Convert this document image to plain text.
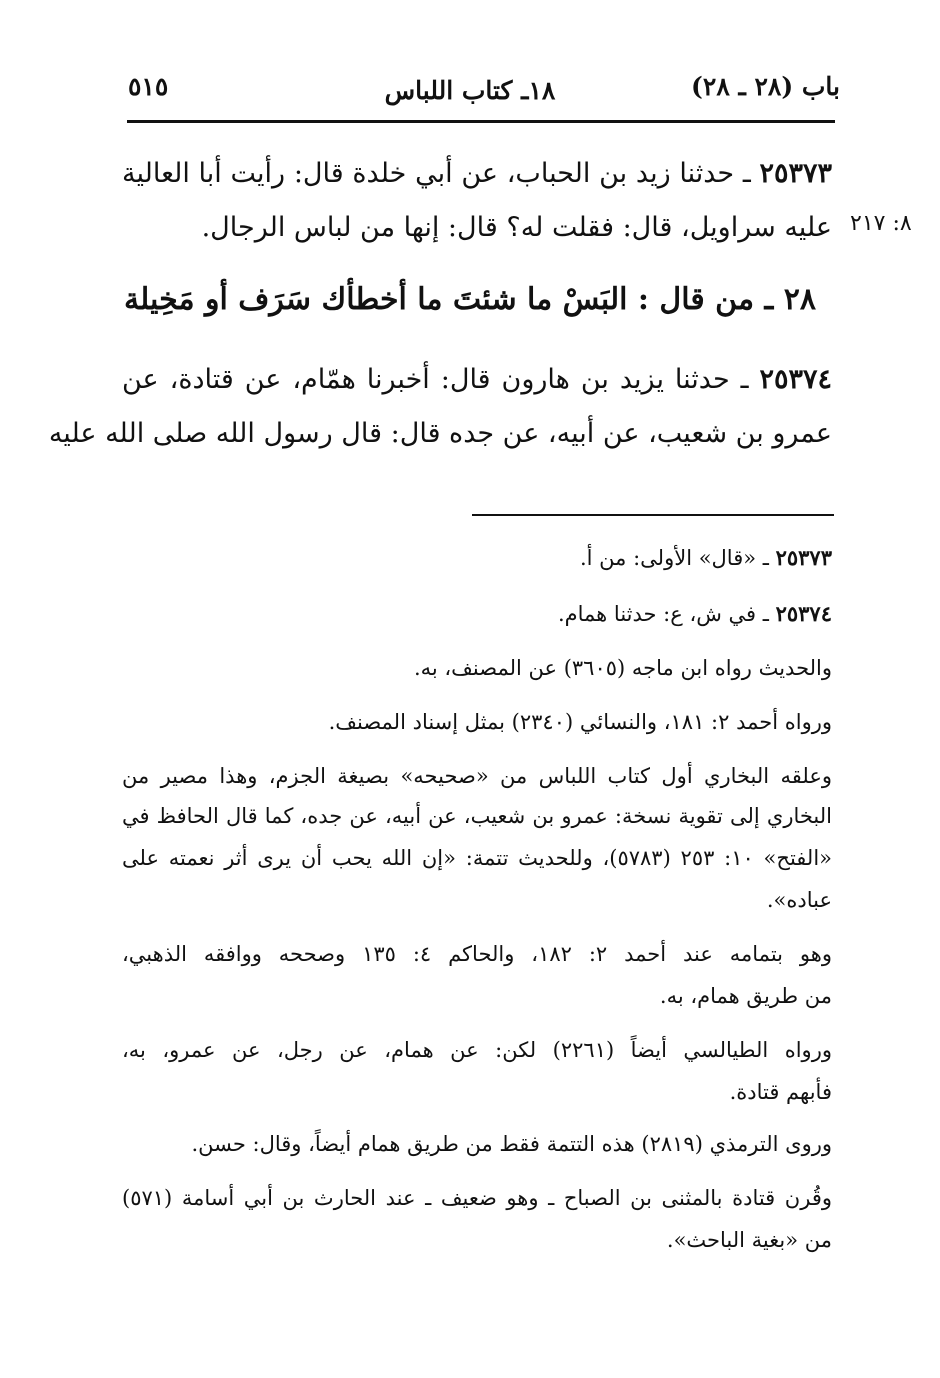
٥١٥	١٨ـ كتاب اللباس	باب (٢٨ ـ ٢٨)
٢٥٣٧٣ ـ حدثنا زيد بن الحباب، عن أبي خلدة قال: رأيت أبا العالية
عليه سراويل، قال: فقلت له؟ قال: إنها من لباس الرجال. ٨: ٢١٧
٢٨ ـ من قال : البَسْ ما شئتَ ما أخطأك سَرَف أو مَخِيلة
٢٥٣٧٤ ـ حدثنا يزيد بن هارون قال: أخبرنا همّام، عن قتادة، عن
عمرو بن شعيب، عن أبيه، عن جده قال: قال رسول الله صلى الله عليه
٢٥٣٧٣ ـ «قال» الأولى: من أ.
٢٥٣٧٤ ـ في ش، ع: حدثنا همام.
والحديث رواه ابن ماجه (٣٦٠٥) عن المصنف، به.
ورواه أحمد ٢: ١٨١، والنسائي (٢٣٤٠) بمثل إسناد المصنف.
وعلقه البخاري أول كتاب اللباس من «صحيحه» بصيغة الجزم، وهذا مصير من
البخاري إلى تقوية نسخة: عمرو بن شعيب، عن أبيه، عن جده، كما قال الحافظ في
«الفتح» ١٠: ٢٥٣ (٥٧٨٣)، وللحديث تتمة: «إن الله يحب أن يرى أثر نعمته على
عباده».
وهو بتمامه عند أحمد ٢: ١٨٢، والحاكم ٤: ١٣٥ وصححه ووافقه الذهبي،
من طريق همام، به.
ورواه الطيالسي أيضاً (٢٢٦١) لكن: عن همام، عن رجل، عن عمرو، به،
فأبهم قتادة.
وروى الترمذي (٢٨١٩) هذه التتمة فقط من طريق همام أيضاً، وقال: حسن.
وقُرن قتادة بالمثنى بن الصباح ـ وهو ضعيف ـ عند الحارث بن أبي أسامة (٥٧١)
من «بغية الباحث».
